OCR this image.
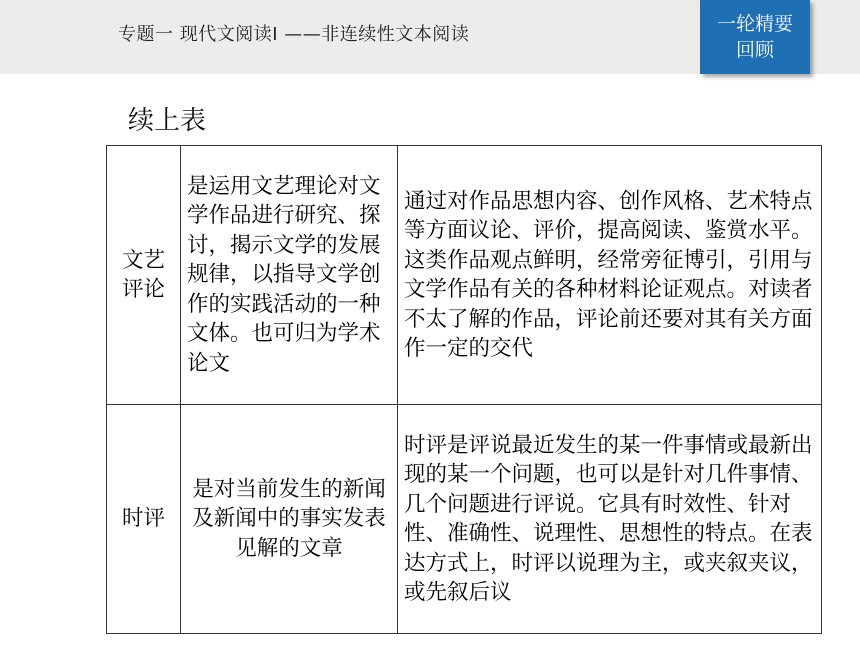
专题一 现代文阅读Ⅰ ——非连续性文本阅读	一轮精要回顾
续上表
文艺评论	是运用文艺理论对文学作品进行研究、探讨，揭示文学的发展规律，以指导文学创作的实践活动的一种文体。也可归为学术论文	通过对作品思想内容、创作风格、艺术特点等方面议论、评价，提高阅读、鉴赏水平。这类作品观点鲜明，经常旁征博引，引用与文学作品有关的各种材料论证观点。对读者不太了解的作品，评论前还要对其有关方面作一定的交代
时评	是对当前发生的新闻及新闻中的事实发表见解的文章	时评是评说最近发生的某一件事情或最新出现的某一个问题，也可以是针对几件事情、几个问题进行评说。它具有时效性、针对性、准确性、说理性、思想性的特点。在表达方式上，时评以说理为主，或夹叙夹议，或先叙后议
